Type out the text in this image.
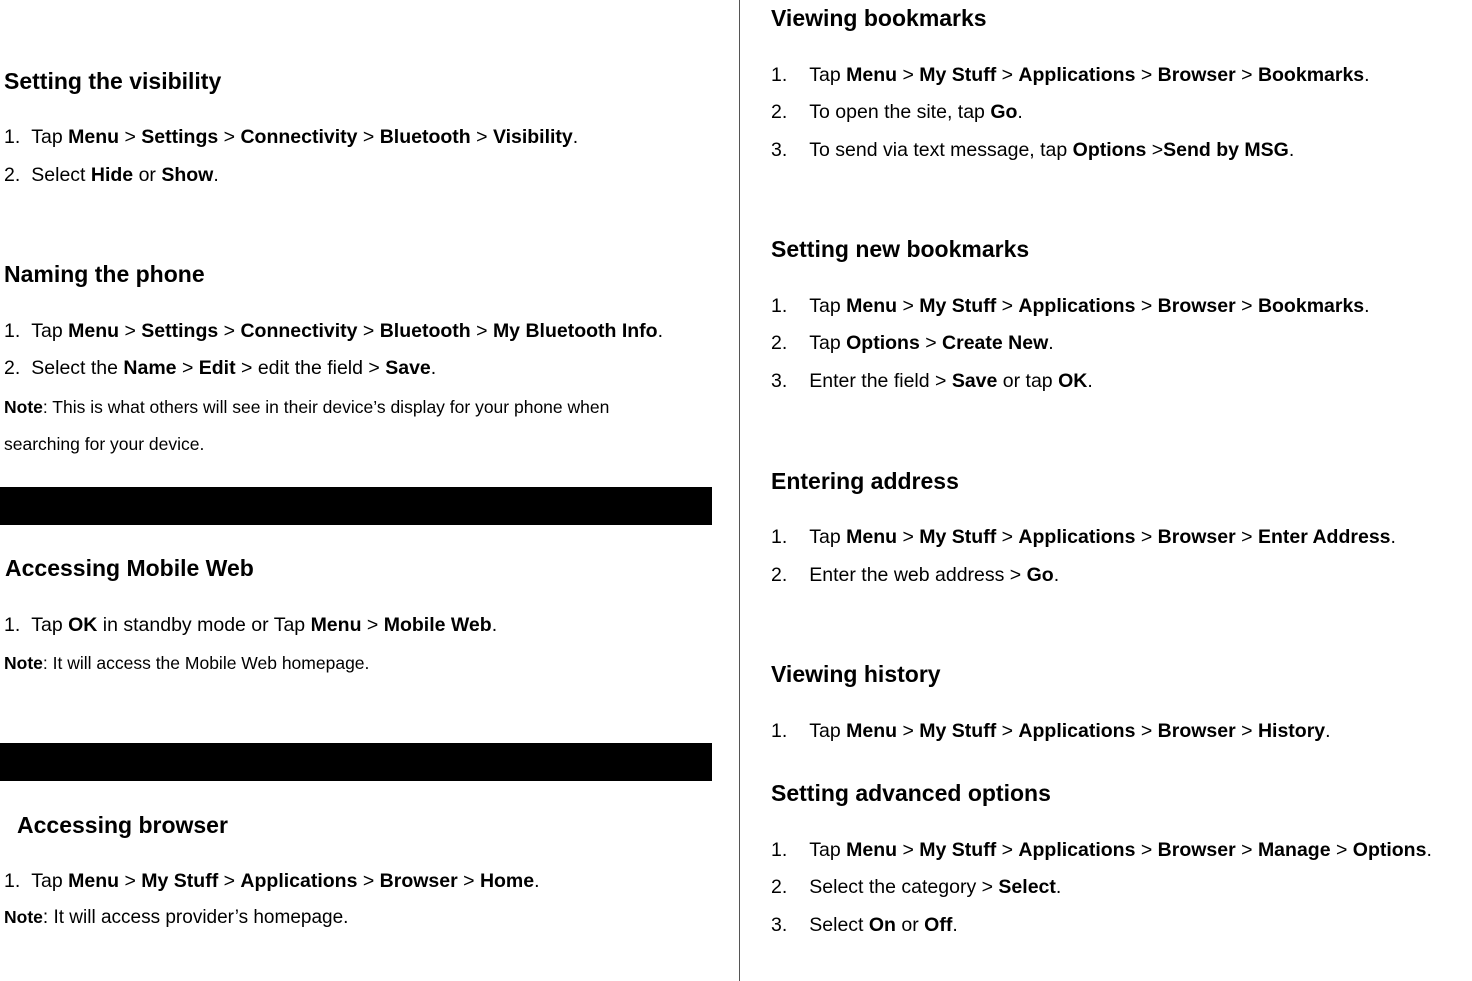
Setting the visibility
1. Tap Menu > Settings > Connectivity > Bluetooth > Visibility.
2. Select Hide or Show.
Naming the phone
1. Tap Menu > Settings > Connectivity > Bluetooth > My Bluetooth Info.
2. Select the Name > Edit > edit the field > Save.
Note: This is what others will see in their device’s display for your phone when
searching for your device.
Accessing Mobile Web
1. Tap OK in standby mode or Tap Menu > Mobile Web.
Note: It will access the Mobile Web homepage.
Accessing browser
1. Tap Menu > My Stuff > Applications > Browser > Home.
Note: It will access provider’s homepage.
Viewing bookmarks
1. Tap Menu > My Stuff > Applications > Browser > Bookmarks.
2. To open the site, tap Go.
3. To send via text message, tap Options >Send by MSG.
Setting new bookmarks
1. Tap Menu > My Stuff > Applications > Browser > Bookmarks.
2. Tap Options > Create New.
3. Enter the field > Save or tap OK.
Entering address
1. Tap Menu > My Stuff > Applications > Browser > Enter Address.
2. Enter the web address > Go.
Viewing history
1. Tap Menu > My Stuff > Applications > Browser > History.
Setting advanced options
1. Tap Menu > My Stuff > Applications > Browser > Manage > Options.
2. Select the category > Select.
3. Select On or Off.
